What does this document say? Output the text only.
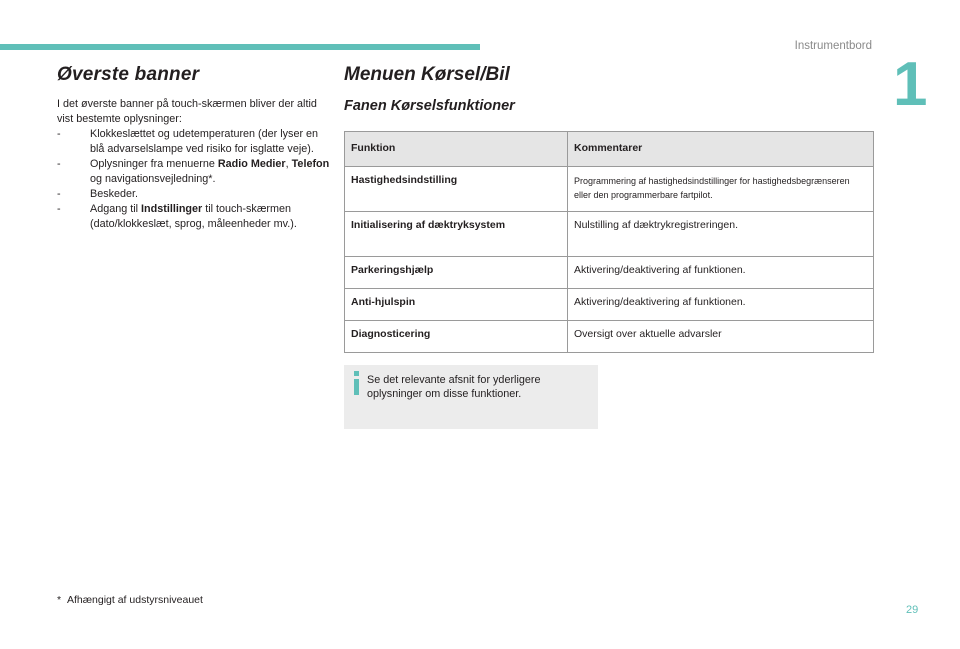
Instrumentbord
1
Øverste banner

I det øverste banner på touch-skærmen bliver der altid vist bestemte oplysninger:

-	Klokkeslættet og udetemperaturen (der lyser en blå advarselslampe ved risiko for isglatte veje).
-	Oplysninger fra menuerne Radio Medier, Telefon og navigationsvejledning*.
-	Beskeder.
-	Adgang til Indstillinger til touch-skærmen (dato/klokkeslæt, sprog, måleenheder mv.).
Menuen Kørsel/Bil
Fanen Kørselsfunktioner
Funktion	Kommentarer
Hastighedsindstilling	Programmering af hastighedsindstillinger for hastighedsbegrænseren eller den programmerbare fartpilot.
Initialisering af dæktryksystem	Nulstilling af dæktrykregistreringen.
Parkeringshjælp	Aktivering/deaktivering af funktionen.
Anti-hjulspin	Aktivering/deaktivering af funktionen.
Diagnosticering	Oversigt over aktuelle advarsler
Se det relevante afsnit for yderligere oplysninger om disse funktioner.
* Afhængigt af udstyrsniveauet
29
